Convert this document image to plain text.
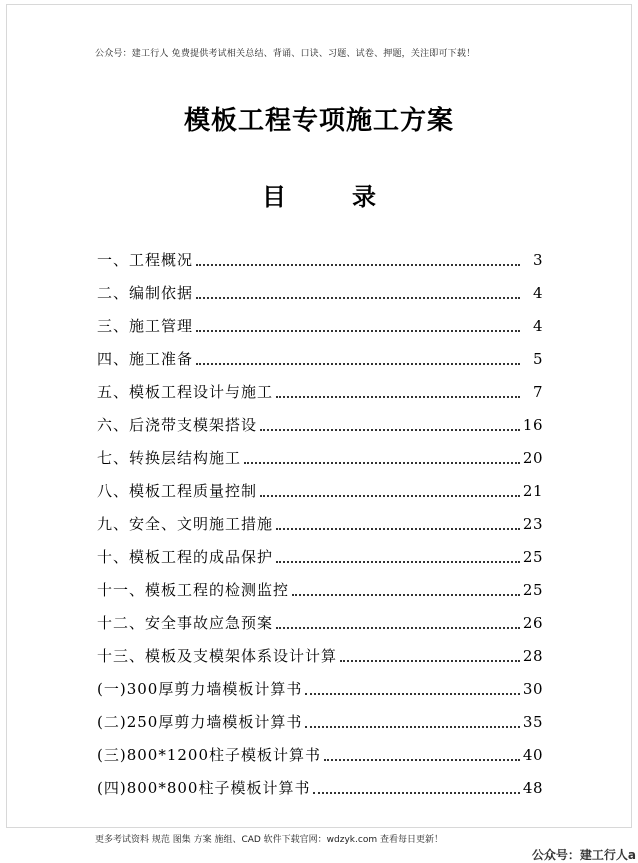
公众号：建工行人 免费提供考试相关总结、背诵、口诀、习题、试卷、押题，关注即可下载！
模板工程专项施工方案
目	录
一、工程概况	3
二、编制依据	4
三、施工管理	4
四、施工准备	5
五、模板工程设计与施工	7
六、后浇带支模架搭设	16
七、转换层结构施工	20
八、模板工程质量控制	21
九、安全、文明施工措施	23
十、模板工程的成品保护	25
十一、模板工程的检测监控	25
十二、安全事故应急预案	26
十三、模板及支模架体系设计计算	28
(一)300厚剪力墙模板计算书	30
(二)250厚剪力墙模板计算书	35
(三)800*1200柱子模板计算书	40
(四)800*800柱子模板计算书	48
更多考试资料 规范 图集 方案 施组、CAD 软件下载官网：wdzyk.com 查看每日更新！
公众号：建工行人a
